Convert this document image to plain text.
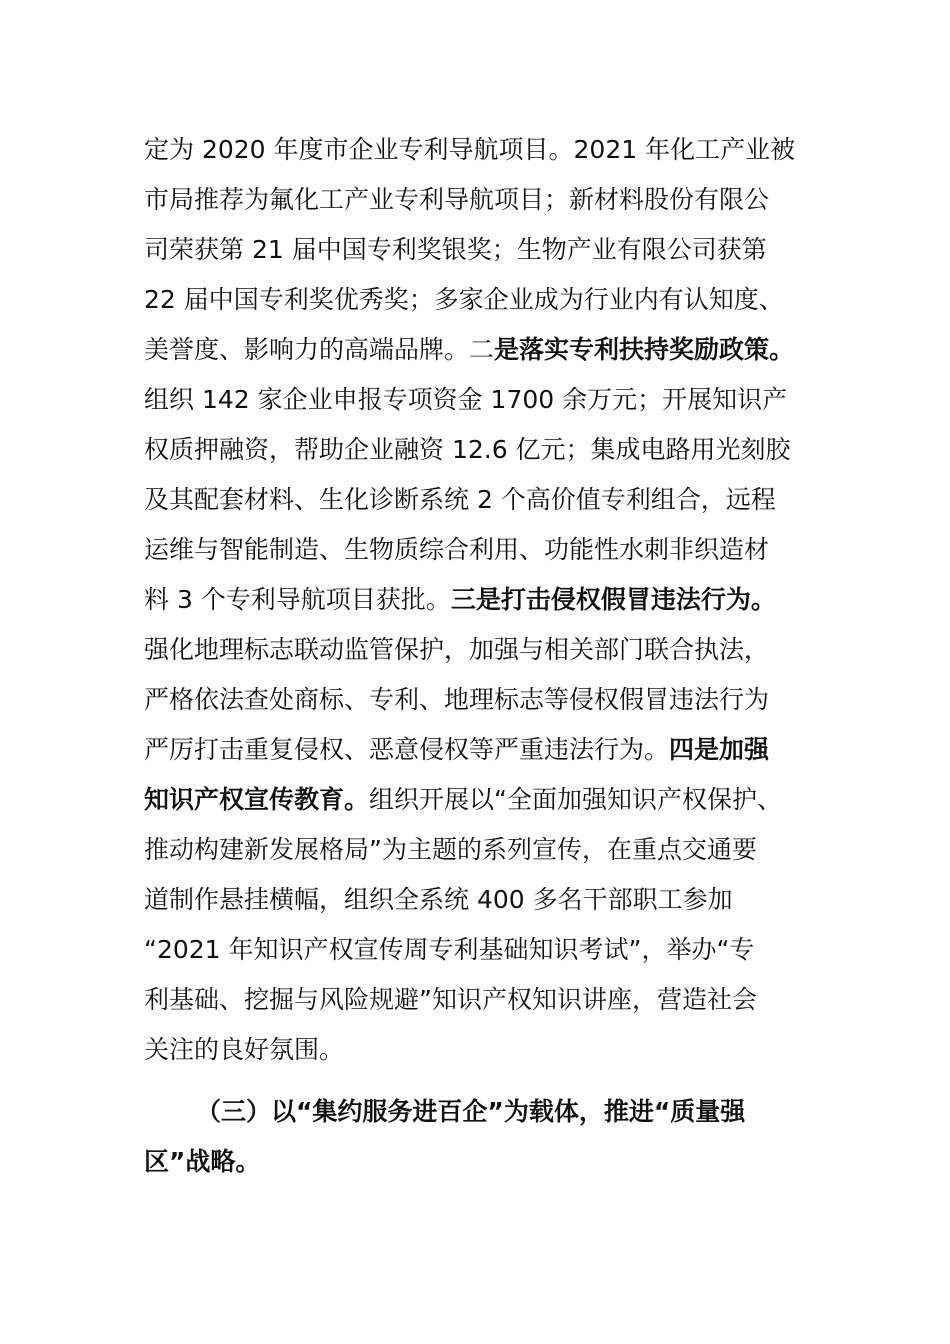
定为 2020 年度市企业专利导航项目。2021 年化工产业被
市局推荐为氟化工产业专利导航项目；新材料股份有限公
司荣获第 21 届中国专利奖银奖；生物产业有限公司获第
22 届中国专利奖优秀奖；多家企业成为行业内有认知度、
美誉度、影响力的高端品牌。二是落实专利扶持奖励政策。
组织 142 家企业申报专项资金 1700 余万元；开展知识产
权质押融资，帮助企业融资 12.6 亿元；集成电路用光刻胶
及其配套材料、生化诊断系统 2 个高价值专利组合，远程
运维与智能制造、生物质综合利用、功能性水刺非织造材
料 3 个专利导航项目获批。三是打击侵权假冒违法行为。
强化地理标志联动监管保护，加强与相关部门联合执法，
严格依法查处商标、专利、地理标志等侵权假冒违法行为
严厉打击重复侵权、恶意侵权等严重违法行为。四是加强
知识产权宣传教育。组织开展以“全面加强知识产权保护、
推动构建新发展格局”为主题的系列宣传，在重点交通要
道制作悬挂横幅，组织全系统 400 多名干部职工参加
“2021 年知识产权宣传周专利基础知识考试”，举办“专
利基础、挖掘与风险规避”知识产权知识讲座，营造社会
关注的良好氛围。
（三）以“集约服务进百企”为载体，推进“质量强
区”战略。
